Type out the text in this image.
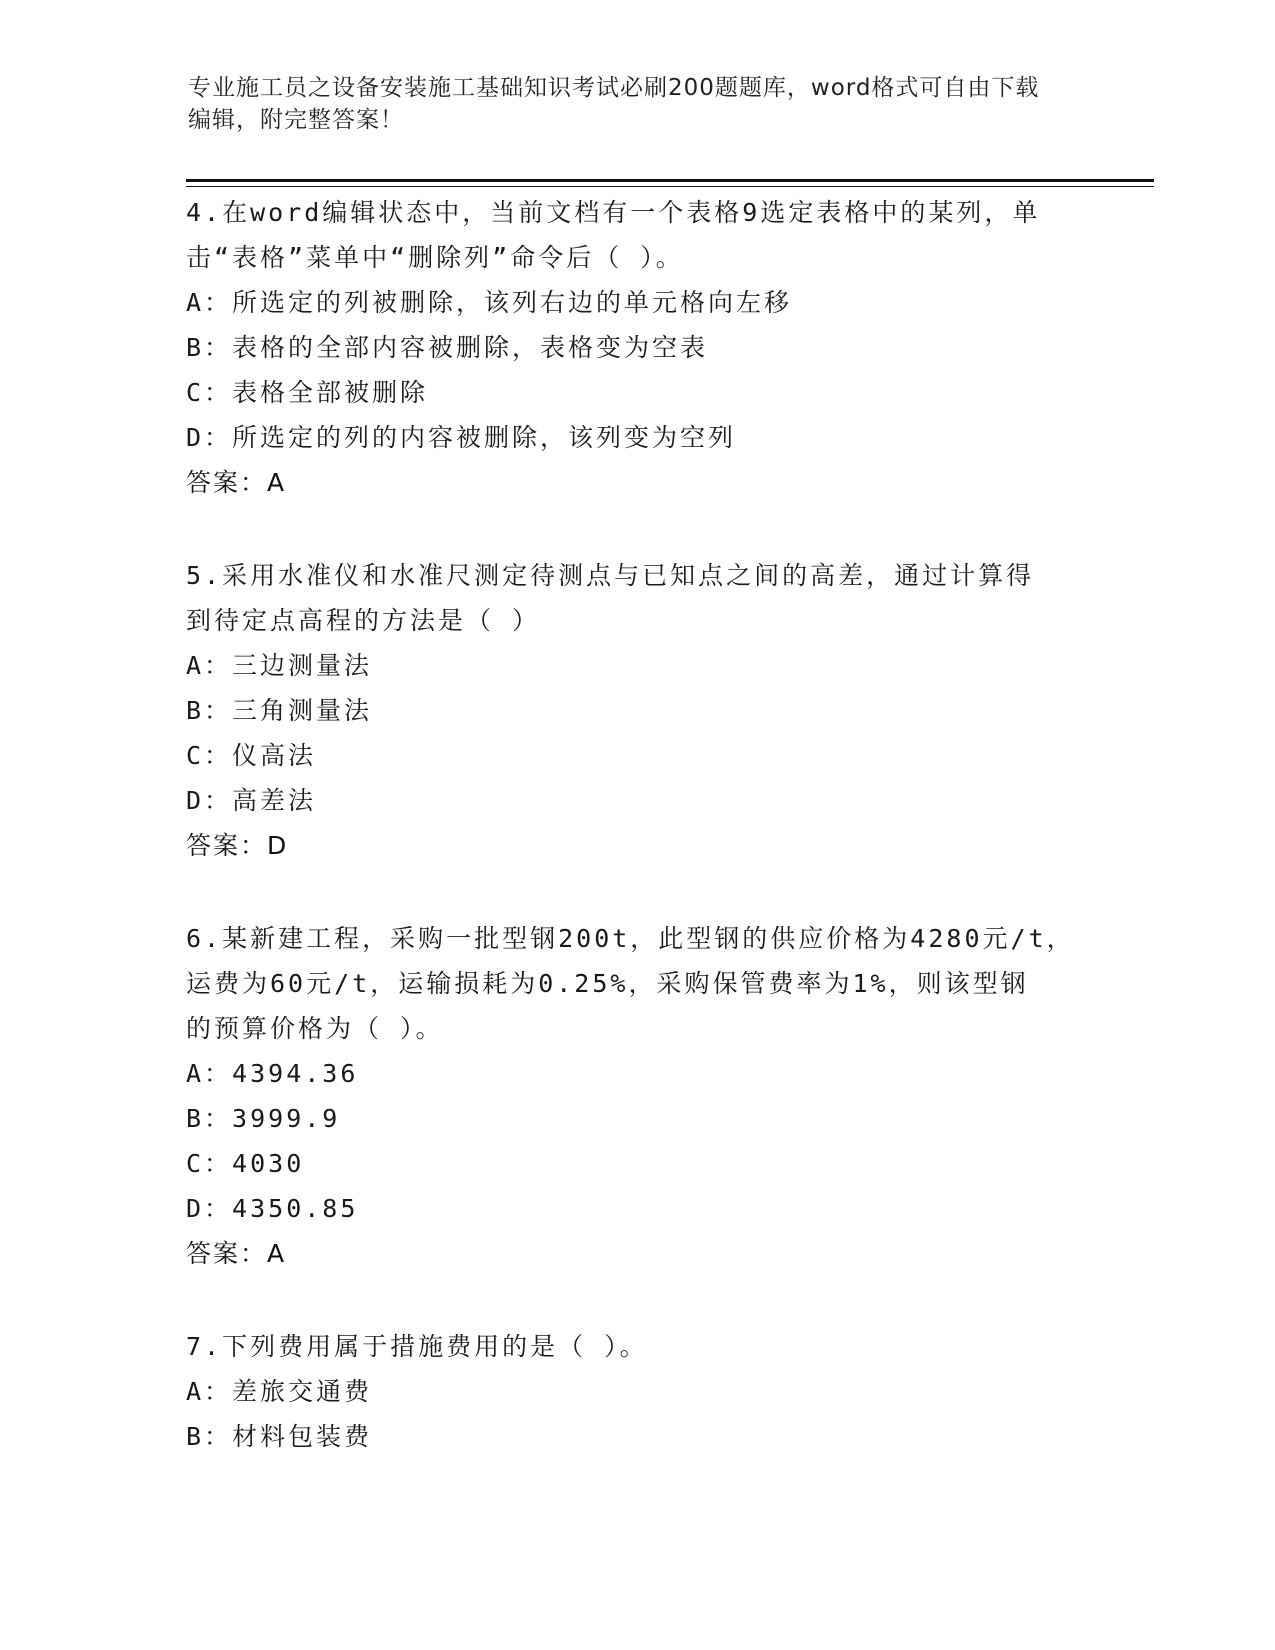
专业施工员之设备安装施工基础知识考试必刷200题题库，word格式可自由下载
编辑，附完整答案！
4.在word编辑状态中，当前文档有一个表格9选定表格中的某列，单
击“表格”菜单中“删除列”命令后（ ）。
A：所选定的列被删除，该列右边的单元格向左移
B：表格的全部内容被删除，表格变为空表
C：表格全部被删除
D：所选定的列的内容被删除，该列变为空列
答案：A
5.采用水准仪和水准尺测定待测点与已知点之间的高差，通过计算得
到待定点高程的方法是（ ）
A：三边测量法
B：三角测量法
C：仪高法
D：高差法
答案：D
6.某新建工程，采购一批型钢200t，此型钢的供应价格为4280元/t，
运费为60元/t，运输损耗为0.25%，采购保管费率为1%，则该型钢
的预算价格为（ ）。
A：4394.36
B：3999.9
C：4030
D：4350.85
答案：A
7.下列费用属于措施费用的是（ ）。
A：差旅交通费
B：材料包装费
